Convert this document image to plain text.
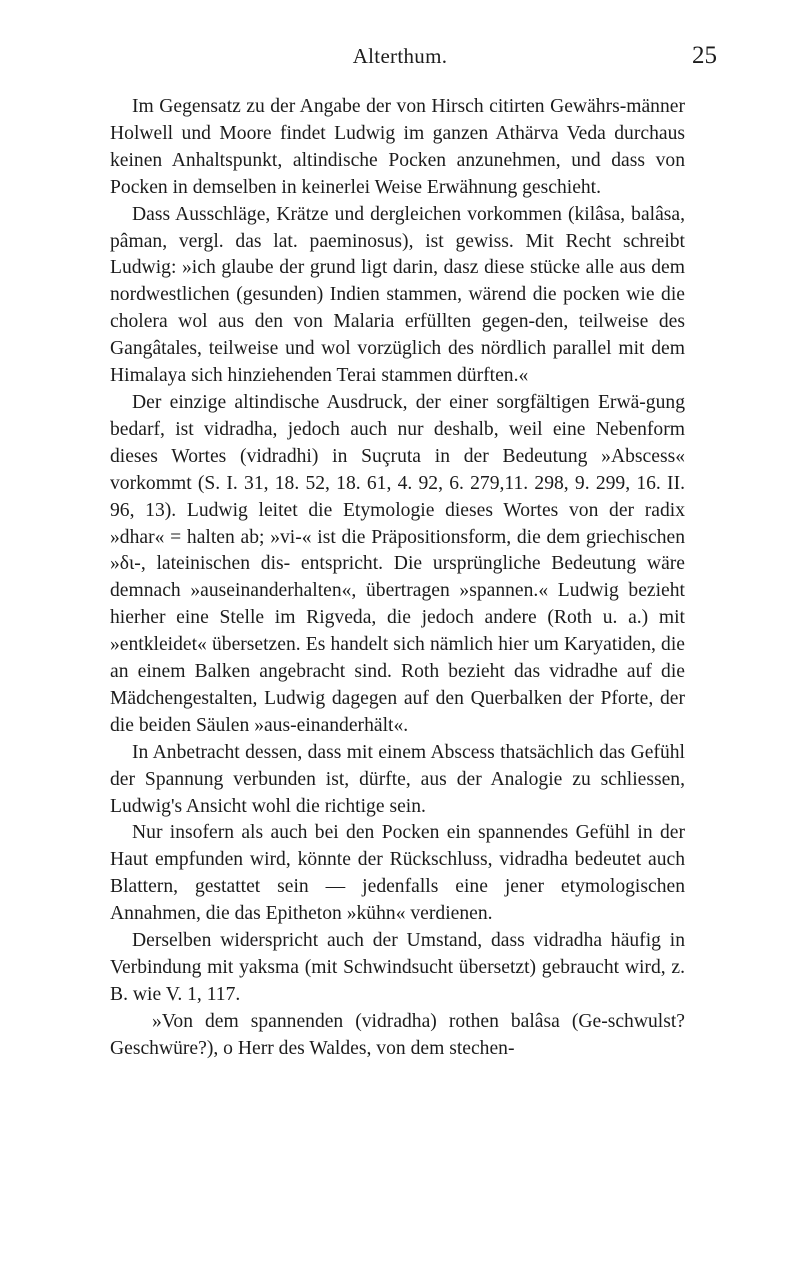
Alterthum.	25

Im Gegensatz zu der Angabe der von Hirsch citirten Gewährs-männer Holwell und Moore findet Ludwig im ganzen Athärva Veda durchaus keinen Anhaltspunkt, altindische Pocken anzunehmen, und dass von Pocken in demselben in keinerlei Weise Erwähnung geschieht.

Dass Ausschläge, Krätze und dergleichen vorkommen (kilâsa, balâsa, pâman, vergl. das lat. paeminosus), ist gewiss. Mit Recht schreibt Ludwig: »ich glaube der grund ligt darin, dasz diese stücke alle aus dem nordwestlichen (gesunden) Indien stammen, wärend die pocken wie die cholera wol aus den von Malaria erfüllten gegen-den, teilweise des Gangâtales, teilweise und wol vorzüglich des nördlich parallel mit dem Himalaya sich hinziehenden Terai stammen dürften.«

Der einzige altindische Ausdruck, der einer sorgfältigen Erwä-gung bedarf, ist vidradha, jedoch auch nur deshalb, weil eine Nebenform dieses Wortes (vidradhi) in Suçruta in der Bedeutung »Abscess« vorkommt (S. I. 31, 18. 52, 18. 61, 4. 92, 6. 279,11. 298, 9. 299, 16. II. 96, 13). Ludwig leitet die Etymologie dieses Wortes von der radix »dhar« = halten ab; »vi-« ist die Präpositionsform, die dem griechischen »δι-, lateinischen dis- entspricht. Die ursprüngliche Bedeutung wäre demnach »auseinanderhalten«, übertragen »spannen.« Ludwig bezieht hierher eine Stelle im Rigveda, die jedoch andere (Roth u. a.) mit »entkleidet« übersetzen. Es handelt sich nämlich hier um Karyatiden, die an einem Balken angebracht sind. Roth bezieht das vidradhe auf die Mädchengestalten, Ludwig dagegen auf den Querbalken der Pforte, der die beiden Säulen »aus-einanderhält«.

In Anbetracht dessen, dass mit einem Abscess thatsächlich das Gefühl der Spannung verbunden ist, dürfte, aus der Analogie zu schliessen, Ludwig's Ansicht wohl die richtige sein.

Nur insofern als auch bei den Pocken ein spannendes Gefühl in der Haut empfunden wird, könnte der Rückschluss, vidradha bedeutet auch Blattern, gestattet sein — jedenfalls eine jener etymologischen Annahmen, die das Epitheton »kühn« verdienen.

Derselben widerspricht auch der Umstand, dass vidradha häufig in Verbindung mit yaksma (mit Schwindsucht übersetzt) gebraucht wird, z. B. wie V. 1, 117.

»Von dem spannenden (vidradha) rothen balâsa (Ge-schwulst? Geschwüre?), o Herr des Waldes, von dem stechen-
